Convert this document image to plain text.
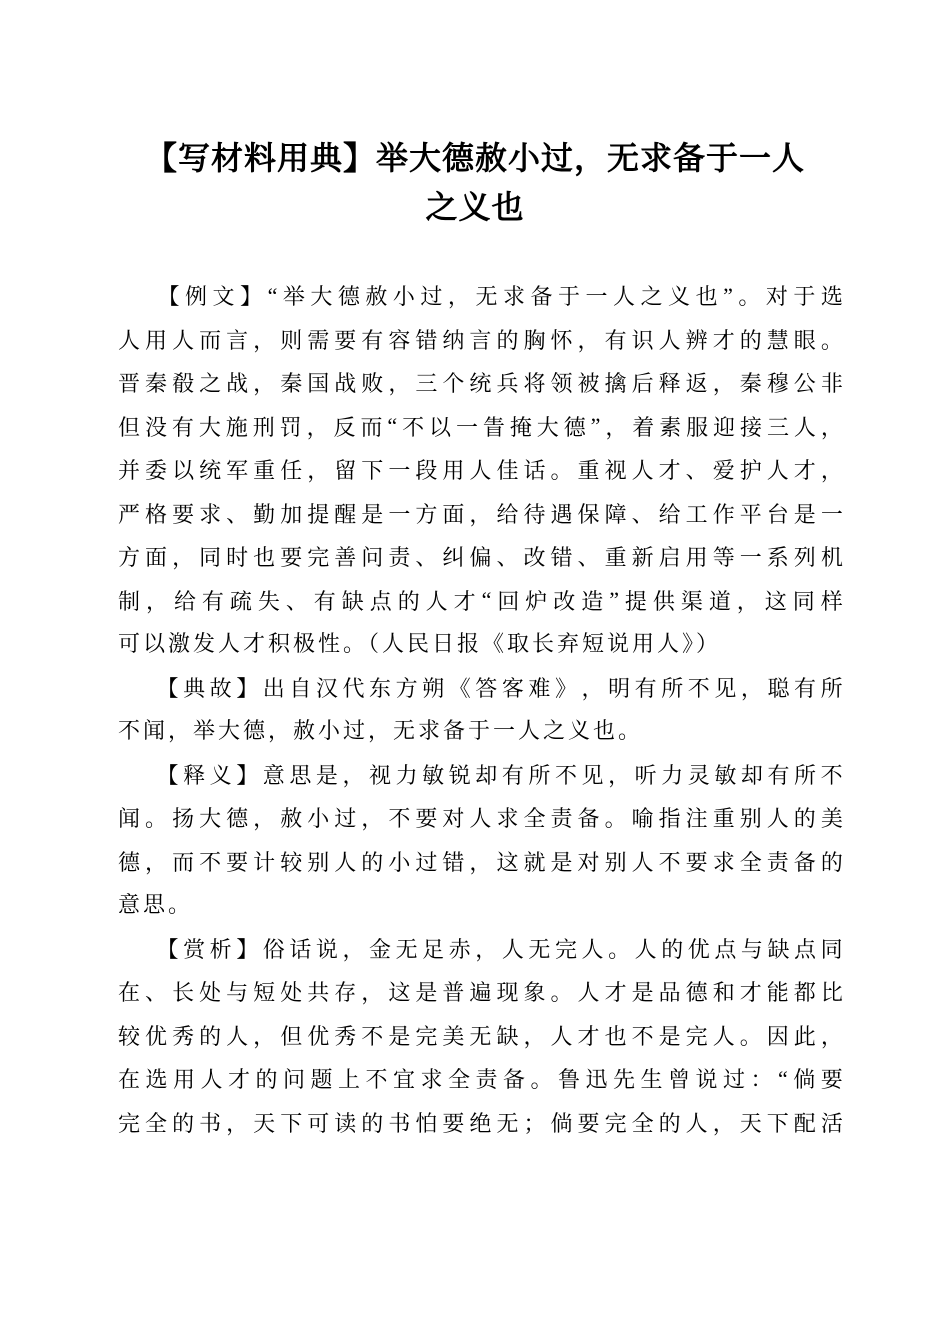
【写材料用典】举大德赦小过，无求备于一人
之义也
【 例 文 】 “ 举 大 德 赦 小 过 ， 无 求 备 于 一 人 之 义 也 ” 。 对 于 选
人 用 人 而 言 ， 则 需 要 有 容 错 纳 言 的 胸 怀 ， 有 识 人 辨 才 的 慧 眼 。
晋 秦 殽 之 战 ， 秦 国 战 败 ， 三 个 统 兵 将 领 被 擒 后 释 返 ， 秦 穆 公 非
但 没 有 大 施 刑 罚 ， 反 而 “ 不 以 一 眚 掩 大 德 ” ， 着 素 服 迎 接 三 人 ，
并 委 以 统 军 重 任 ， 留 下 一 段 用 人 佳 话 。 重 视 人 才 、 爱 护 人 才 ，
严 格 要 求 、 勤 加 提 醒 是 一 方 面 ， 给 待 遇 保 障 、 给 工 作 平 台 是 一
方 面 ， 同 时 也 要 完 善 问 责 、 纠 偏 、 改 错 、 重 新 启 用 等 一 系 列 机
制 ， 给 有 疏 失 、 有 缺 点 的 人 才 “ 回 炉 改 造 ” 提 供 渠 道 ， 这 同 样
可以激发人才积极性。（人民日报《取长弃短说用人》）
【 典 故 】 出 自 汉 代 东 方 朔 《 答 客 难 》 ， 明 有 所 不 见 ， 聪 有 所
不闻，举大德，赦小过，无求备于一人之义也。
【 释 义 】 意 思 是 ， 视 力 敏 锐 却 有 所 不 见 ， 听 力 灵 敏 却 有 所 不
闻 。 扬 大 德 ， 赦 小 过 ， 不 要 对 人 求 全 责 备 。 喻 指 注 重 别 人 的 美
德 ， 而 不 要 计 较 别 人 的 小 过 错 ， 这 就 是 对 别 人 不 要 求 全 责 备 的
意思。
【 赏 析 】 俗 话 说 ， 金 无 足 赤 ， 人 无 完 人 。 人 的 优 点 与 缺 点 同
在 、 长 处 与 短 处 共 存 ， 这 是 普 遍 现 象 。 人 才 是 品 德 和 才 能 都 比
较 优 秀 的 人 ， 但 优 秀 不 是 完 美 无 缺 ， 人 才 也 不 是 完 人 。 因 此 ，
在 选 用 人 才 的 问 题 上 不 宜 求 全 责 备 。 鲁 迅 先 生 曾 说 过 ： “ 倘 要
完 全 的 书 ， 天 下 可 读 的 书 怕 要 绝 无 ； 倘 要 完 全 的 人 ， 天 下 配 活
